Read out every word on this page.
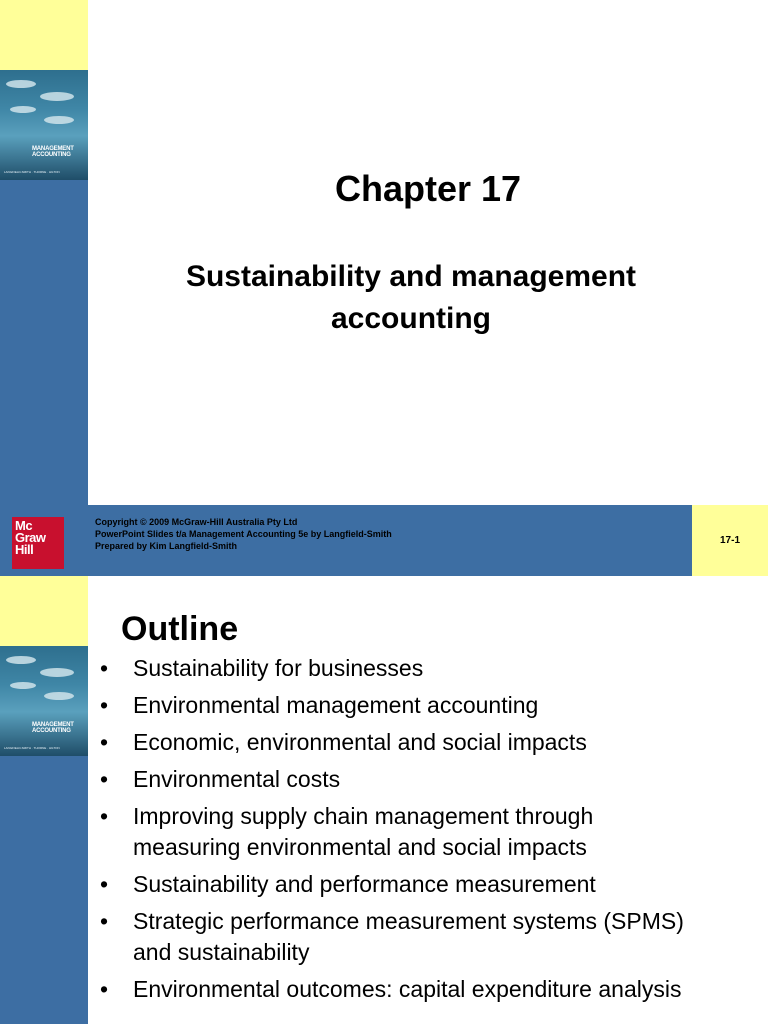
MANAGEMENT
ACCOUNTING
LANGFIELD-SMITH · THORNE · HILTON	Chapter 17
Sustainability and management accounting
Mc
Graw
Hill
Copyright © 2009 McGraw-Hill Australia Pty Ltd
PowerPoint Slides t/a Management Accounting 5e by Langfield-Smith
Prepared by Kim Langfield-Smith	17-1
MANAGEMENT
ACCOUNTING
LANGFIELD-SMITH · THORNE · HILTON
Outline
• Sustainability for businesses
• Environmental management accounting
• Economic, environmental and social impacts
• Environmental costs
• Improving supply chain management through measuring environmental and social impacts
• Sustainability and performance measurement
• Strategic performance measurement systems (SPMS) and sustainability
• Environmental outcomes: capital expenditure analysis
